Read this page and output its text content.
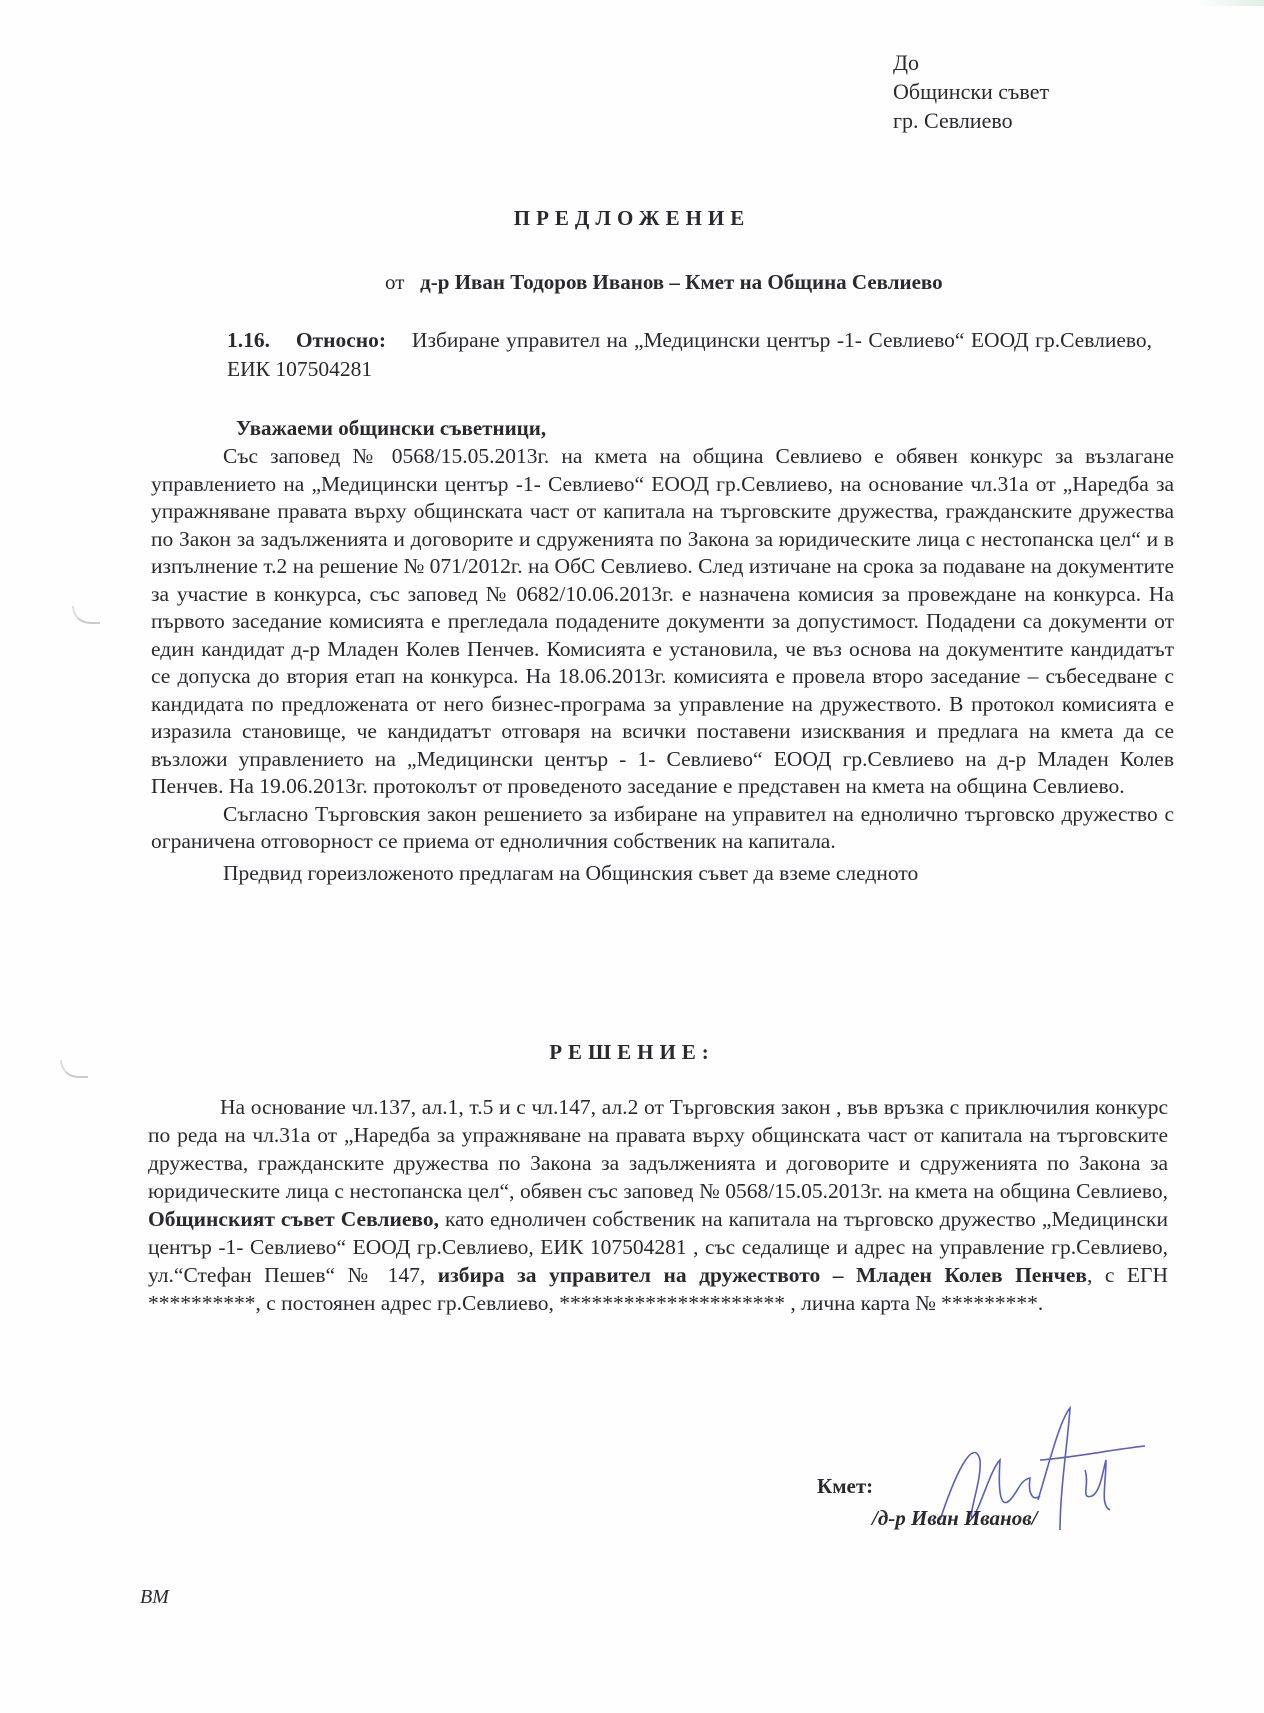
До
Общински съвет
гр. Севлиево
ПРЕДЛОЖЕНИЕ
от д-р Иван Тодоров Иванов – Кмет на Община Севлиево
1.16. Относно: Избиране управител на „Медицински център -1- Севлиево“ ЕООД гр.Севлиево, ЕИК 107504281
Уважаеми общински съветници,

Със заповед № 0568/15.05.2013г. на кмета на община Севлиево е обявен конкурс за възлагане управлението на „Медицински център -1- Севлиево“ ЕООД гр.Севлиево, на основание чл.31а от „Наредба за упражняване правата върху общинската част от капитала на търговските дружества, гражданските дружества по Закон за задълженията и договорите и сдруженията по Закона за юридическите лица с нестопанска цел“ и в изпълнение т.2 на решение № 071/2012г. на ОбС Севлиево. След изтичане на срока за подаване на документите за участие в конкурса, със заповед № 0682/10.06.2013г. е назначена комисия за провеждане на конкурса. На първото заседание комисията е прегледала подадените документи за допустимост. Подадени са документи от един кандидат д-р Младен Колев Пенчев. Комисията е установила, че въз основа на документите кандидатът се допуска до втория етап на конкурса. На 18.06.2013г. комисията е провела второ заседание – събеседване с кандидата по предложената от него бизнес-програма за управление на дружеството. В протокол комисията е изразила становище, че кандидатът отговаря на всички поставени изисквания и предлага на кмета да се възложи управлението на „Медицински център - 1- Севлиево“ ЕООД гр.Севлиево на д-р Младен Колев Пенчев. На 19.06.2013г. протоколът от проведеното заседание е представен на кмета на община Севлиево.

Съгласно Търговския закон решението за избиране на управител на еднолично търговско дружество с ограничена отговорност се приема от едноличния собственик на капитала.

Предвид гореизложеното предлагам на Общинския съвет да вземе следното

РЕШЕНИЕ:
На основание чл.137, ал.1, т.5 и с чл.147, ал.2 от Търговския закон , във връзка с приключилия конкурс по реда на чл.31а от „Наредба за упражняване на правата върху общинската част от капитала на търговските дружества, гражданските дружества по Закона за задълженията и договорите и сдруженията по Закона за юридическите лица с нестопанска цел“, обявен със заповед № 0568/15.05.2013г. на кмета на община Севлиево, Общинският съвет Севлиево, като едноличен собственик на капитала на търговско дружество „Медицински център -1- Севлиево“ ЕООД гр.Севлиево, ЕИК 107504281 , със седалище и адрес на управление гр.Севлиево, ул.“Стефан Пешев“ № 147, избира за управител на дружеството – Младен Колев Пенчев, с ЕГН **********, с постоянен адрес гр.Севлиево, ********************* , лична карта № *********.
Кмет:
/д-р Иван Иванов/
ВМ
